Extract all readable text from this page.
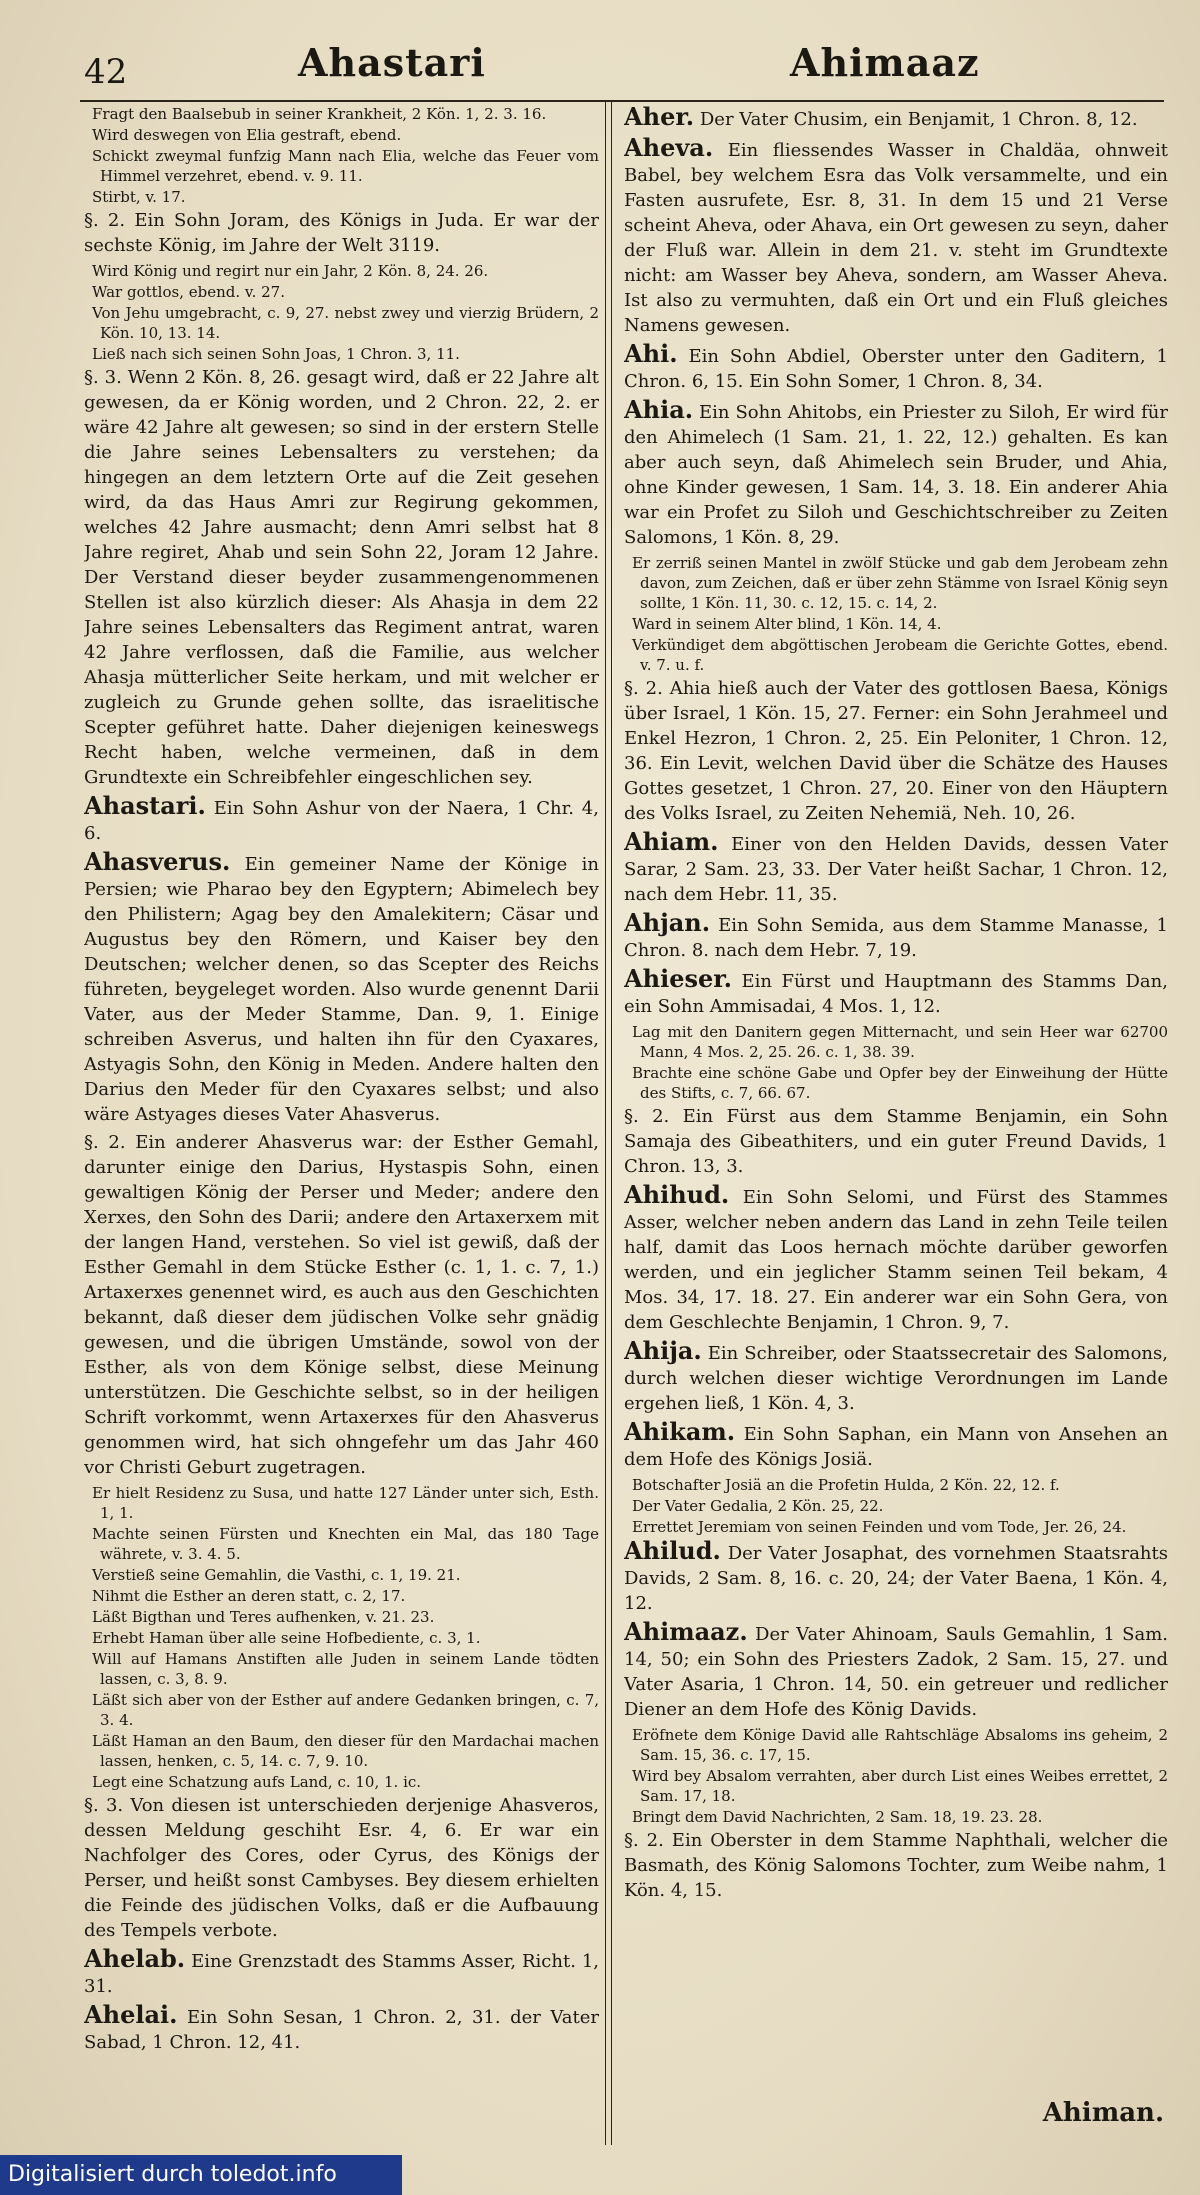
42	Ahastari	Ahimaaz

Fragt den Baalsebub in seiner Krankheit, 2 Kön. 1, 2. 3. 16.

Wird deswegen von Elia gestraft, ebend.

Schickt zweymal funfzig Mann nach Elia, welche das Feuer vom Himmel verzehret, ebend. v. 9. 11.

Stirbt, v. 17.

§. 2. Ein Sohn Joram, des Königs in Juda. Er war der sechste König, im Jahre der Welt 3119.

Wird König und regirt nur ein Jahr, 2 Kön. 8, 24. 26.

War gottlos, ebend. v. 27.

Von Jehu umgebracht, c. 9, 27. nebst zwey und vierzig Brüdern, 2 Kön. 10, 13. 14.

Ließ nach sich seinen Sohn Joas, 1 Chron. 3, 11.

§. 3. Wenn 2 Kön. 8, 26. gesagt wird, daß er 22 Jahre alt gewesen, da er König worden, und 2 Chron. 22, 2. er wäre 42 Jahre alt gewesen; so sind in der erstern Stelle die Jahre seines Lebensalters zu verstehen; da hingegen an dem letztern Orte auf die Zeit gesehen wird, da das Haus Amri zur Regirung gekommen, welches 42 Jahre ausmacht; denn Amri selbst hat 8 Jahre regiret, Ahab und sein Sohn 22, Joram 12 Jahre. Der Verstand dieser beyder zusammengenommenen Stellen ist also kürzlich dieser: Als Ahasja in dem 22 Jahre seines Lebensalters das Regiment antrat, waren 42 Jahre verflossen, daß die Familie, aus welcher Ahasja mütterlicher Seite herkam, und mit welcher er zugleich zu Grunde gehen sollte, das israelitische Scepter geführet hatte. Daher diejenigen keineswegs Recht haben, welche vermeinen, daß in dem Grundtexte ein Schreibfehler eingeschlichen sey.

Ahastari. Ein Sohn Ashur von der Naera, 1 Chr. 4, 6.

Ahasverus. Ein gemeiner Name der Könige in Persien; wie Pharao bey den Egyptern; Abimelech bey den Philistern; Agag bey den Amalekitern; Cäsar und Augustus bey den Römern, und Kaiser bey den Deutschen; welcher denen, so das Scepter des Reichs führeten, beygeleget worden. Also wurde genennt Darii Vater, aus der Meder Stamme, Dan. 9, 1. Einige schreiben Asverus, und halten ihn für den Cyaxares, Astyagis Sohn, den König in Meden. Andere halten den Darius den Meder für den Cyaxares selbst; und also wäre Astyages dieses Vater Ahasverus.

§. 2. Ein anderer Ahasverus war: der Esther Gemahl, darunter einige den Darius, Hystaspis Sohn, einen gewaltigen König der Perser und Meder; andere den Xerxes, den Sohn des Darii; andere den Artaxerxem mit der langen Hand, verstehen. So viel ist gewiß, daß der Esther Gemahl in dem Stücke Esther (c. 1, 1. c. 7, 1.) Artaxerxes genennet wird, es auch aus den Geschichten bekannt, daß dieser dem jüdischen Volke sehr gnädig gewesen, und die übrigen Umstände, sowol von der Esther, als von dem Könige selbst, diese Meinung unterstützen. Die Geschichte selbst, so in der heiligen Schrift vorkommt, wenn Artaxerxes für den Ahasverus genommen wird, hat sich ohngefehr um das Jahr 460 vor Christi Geburt zugetragen.

Er hielt Residenz zu Susa, und hatte 127 Länder unter sich, Esth. 1, 1.

Machte seinen Fürsten und Knechten ein Mal, das 180 Tage währete, v. 3. 4. 5.

Verstieß seine Gemahlin, die Vasthi, c. 1, 19. 21.

Nihmt die Esther an deren statt, c. 2, 17.

Läßt Bigthan und Teres aufhenken, v. 21. 23.

Erhebt Haman über alle seine Hofbediente, c. 3, 1.

Will auf Hamans Anstiften alle Juden in seinem Lande tödten lassen, c. 3, 8. 9.

Läßt sich aber von der Esther auf andere Gedanken bringen, c. 7, 3. 4.

Läßt Haman an den Baum, den dieser für den Mardachai machen lassen, henken, c. 5, 14. c. 7, 9. 10.

Legt eine Schatzung aufs Land, c. 10, 1. ic.

§. 3. Von diesen ist unterschieden derjenige Ahasveros, dessen Meldung geschiht Esr. 4, 6. Er war ein Nachfolger des Cores, oder Cyrus, des Königs der Perser, und heißt sonst Cambyses. Bey diesem erhielten die Feinde des jüdischen Volks, daß er die Aufbauung des Tempels verbote.

Ahelab. Eine Grenzstadt des Stamms Asser, Richt. 1, 31.

Ahelai. Ein Sohn Sesan, 1 Chron. 2, 31. der Vater Sabad, 1 Chron. 12, 41.

Aher. Der Vater Chusim, ein Benjamit, 1 Chron. 8, 12.

Aheva. Ein fliessendes Wasser in Chaldäa, ohnweit Babel, bey welchem Esra das Volk versammelte, und ein Fasten ausrufete, Esr. 8, 31. In dem 15 und 21 Verse scheint Aheva, oder Ahava, ein Ort gewesen zu seyn, daher der Fluß war. Allein in dem 21. v. steht im Grundtexte nicht: am Wasser bey Aheva, sondern, am Wasser Aheva. Ist also zu vermuhten, daß ein Ort und ein Fluß gleiches Namens gewesen.

Ahi. Ein Sohn Abdiel, Oberster unter den Gaditern, 1 Chron. 6, 15. Ein Sohn Somer, 1 Chron. 8, 34.

Ahia. Ein Sohn Ahitobs, ein Priester zu Siloh, Er wird für den Ahimelech (1 Sam. 21, 1. 22, 12.) gehalten. Es kan aber auch seyn, daß Ahimelech sein Bruder, und Ahia, ohne Kinder gewesen, 1 Sam. 14, 3. 18. Ein anderer Ahia war ein Profet zu Siloh und Geschichtschreiber zu Zeiten Salomons, 1 Kön. 8, 29.

Er zerriß seinen Mantel in zwölf Stücke und gab dem Jerobeam zehn davon, zum Zeichen, daß er über zehn Stämme von Israel König seyn sollte, 1 Kön. 11, 30. c. 12, 15. c. 14, 2.

Ward in seinem Alter blind, 1 Kön. 14, 4.

Verkündiget dem abgöttischen Jerobeam die Gerichte Gottes, ebend. v. 7. u. f.

§. 2. Ahia hieß auch der Vater des gottlosen Baesa, Königs über Israel, 1 Kön. 15, 27. Ferner: ein Sohn Jerahmeel und Enkel Hezron, 1 Chron. 2, 25. Ein Peloniter, 1 Chron. 12, 36. Ein Levit, welchen David über die Schätze des Hauses Gottes gesetzet, 1 Chron. 27, 20. Einer von den Häuptern des Volks Israel, zu Zeiten Nehemiä, Neh. 10, 26.

Ahiam. Einer von den Helden Davids, dessen Vater Sarar, 2 Sam. 23, 33. Der Vater heißt Sachar, 1 Chron. 12, nach dem Hebr. 11, 35.

Ahjan. Ein Sohn Semida, aus dem Stamme Manasse, 1 Chron. 8. nach dem Hebr. 7, 19.

Ahieser. Ein Fürst und Hauptmann des Stamms Dan, ein Sohn Ammisadai, 4 Mos. 1, 12.

Lag mit den Danitern gegen Mitternacht, und sein Heer war 62700 Mann, 4 Mos. 2, 25. 26. c. 1, 38. 39.

Brachte eine schöne Gabe und Opfer bey der Einweihung der Hütte des Stifts, c. 7, 66. 67.

§. 2. Ein Fürst aus dem Stamme Benjamin, ein Sohn Samaja des Gibeathiters, und ein guter Freund Davids, 1 Chron. 13, 3.

Ahihud. Ein Sohn Selomi, und Fürst des Stammes Asser, welcher neben andern das Land in zehn Teile teilen half, damit das Loos hernach möchte darüber geworfen werden, und ein jeglicher Stamm seinen Teil bekam, 4 Mos. 34, 17. 18. 27. Ein anderer war ein Sohn Gera, von dem Geschlechte Benjamin, 1 Chron. 9, 7.

Ahija. Ein Schreiber, oder Staatssecretair des Salomons, durch welchen dieser wichtige Verordnungen im Lande ergehen ließ, 1 Kön. 4, 3.

Ahikam. Ein Sohn Saphan, ein Mann von Ansehen an dem Hofe des Königs Josiä.

Botschafter Josiä an die Profetin Hulda, 2 Kön. 22, 12. f.

Der Vater Gedalia, 2 Kön. 25, 22.

Errettet Jeremiam von seinen Feinden und vom Tode, Jer. 26, 24.

Ahilud. Der Vater Josaphat, des vornehmen Staatsrahts Davids, 2 Sam. 8, 16. c. 20, 24; der Vater Baena, 1 Kön. 4, 12.

Ahimaaz. Der Vater Ahinoam, Sauls Gemahlin, 1 Sam. 14, 50; ein Sohn des Priesters Zadok, 2 Sam. 15, 27. und Vater Asaria, 1 Chron. 14, 50. ein getreuer und redlicher Diener an dem Hofe des König Davids.

Eröfnete dem Könige David alle Rahtschläge Absaloms ins geheim, 2 Sam. 15, 36. c. 17, 15.

Wird bey Absalom verrahten, aber durch List eines Weibes errettet, 2 Sam. 17, 18.

Bringt dem David Nachrichten, 2 Sam. 18, 19. 23. 28.

§. 2. Ein Oberster in dem Stamme Naphthali, welcher die Basmath, des König Salomons Tochter, zum Weibe nahm, 1 Kön. 4, 15.

Ahiman.
Digitalisiert durch toledot.info
